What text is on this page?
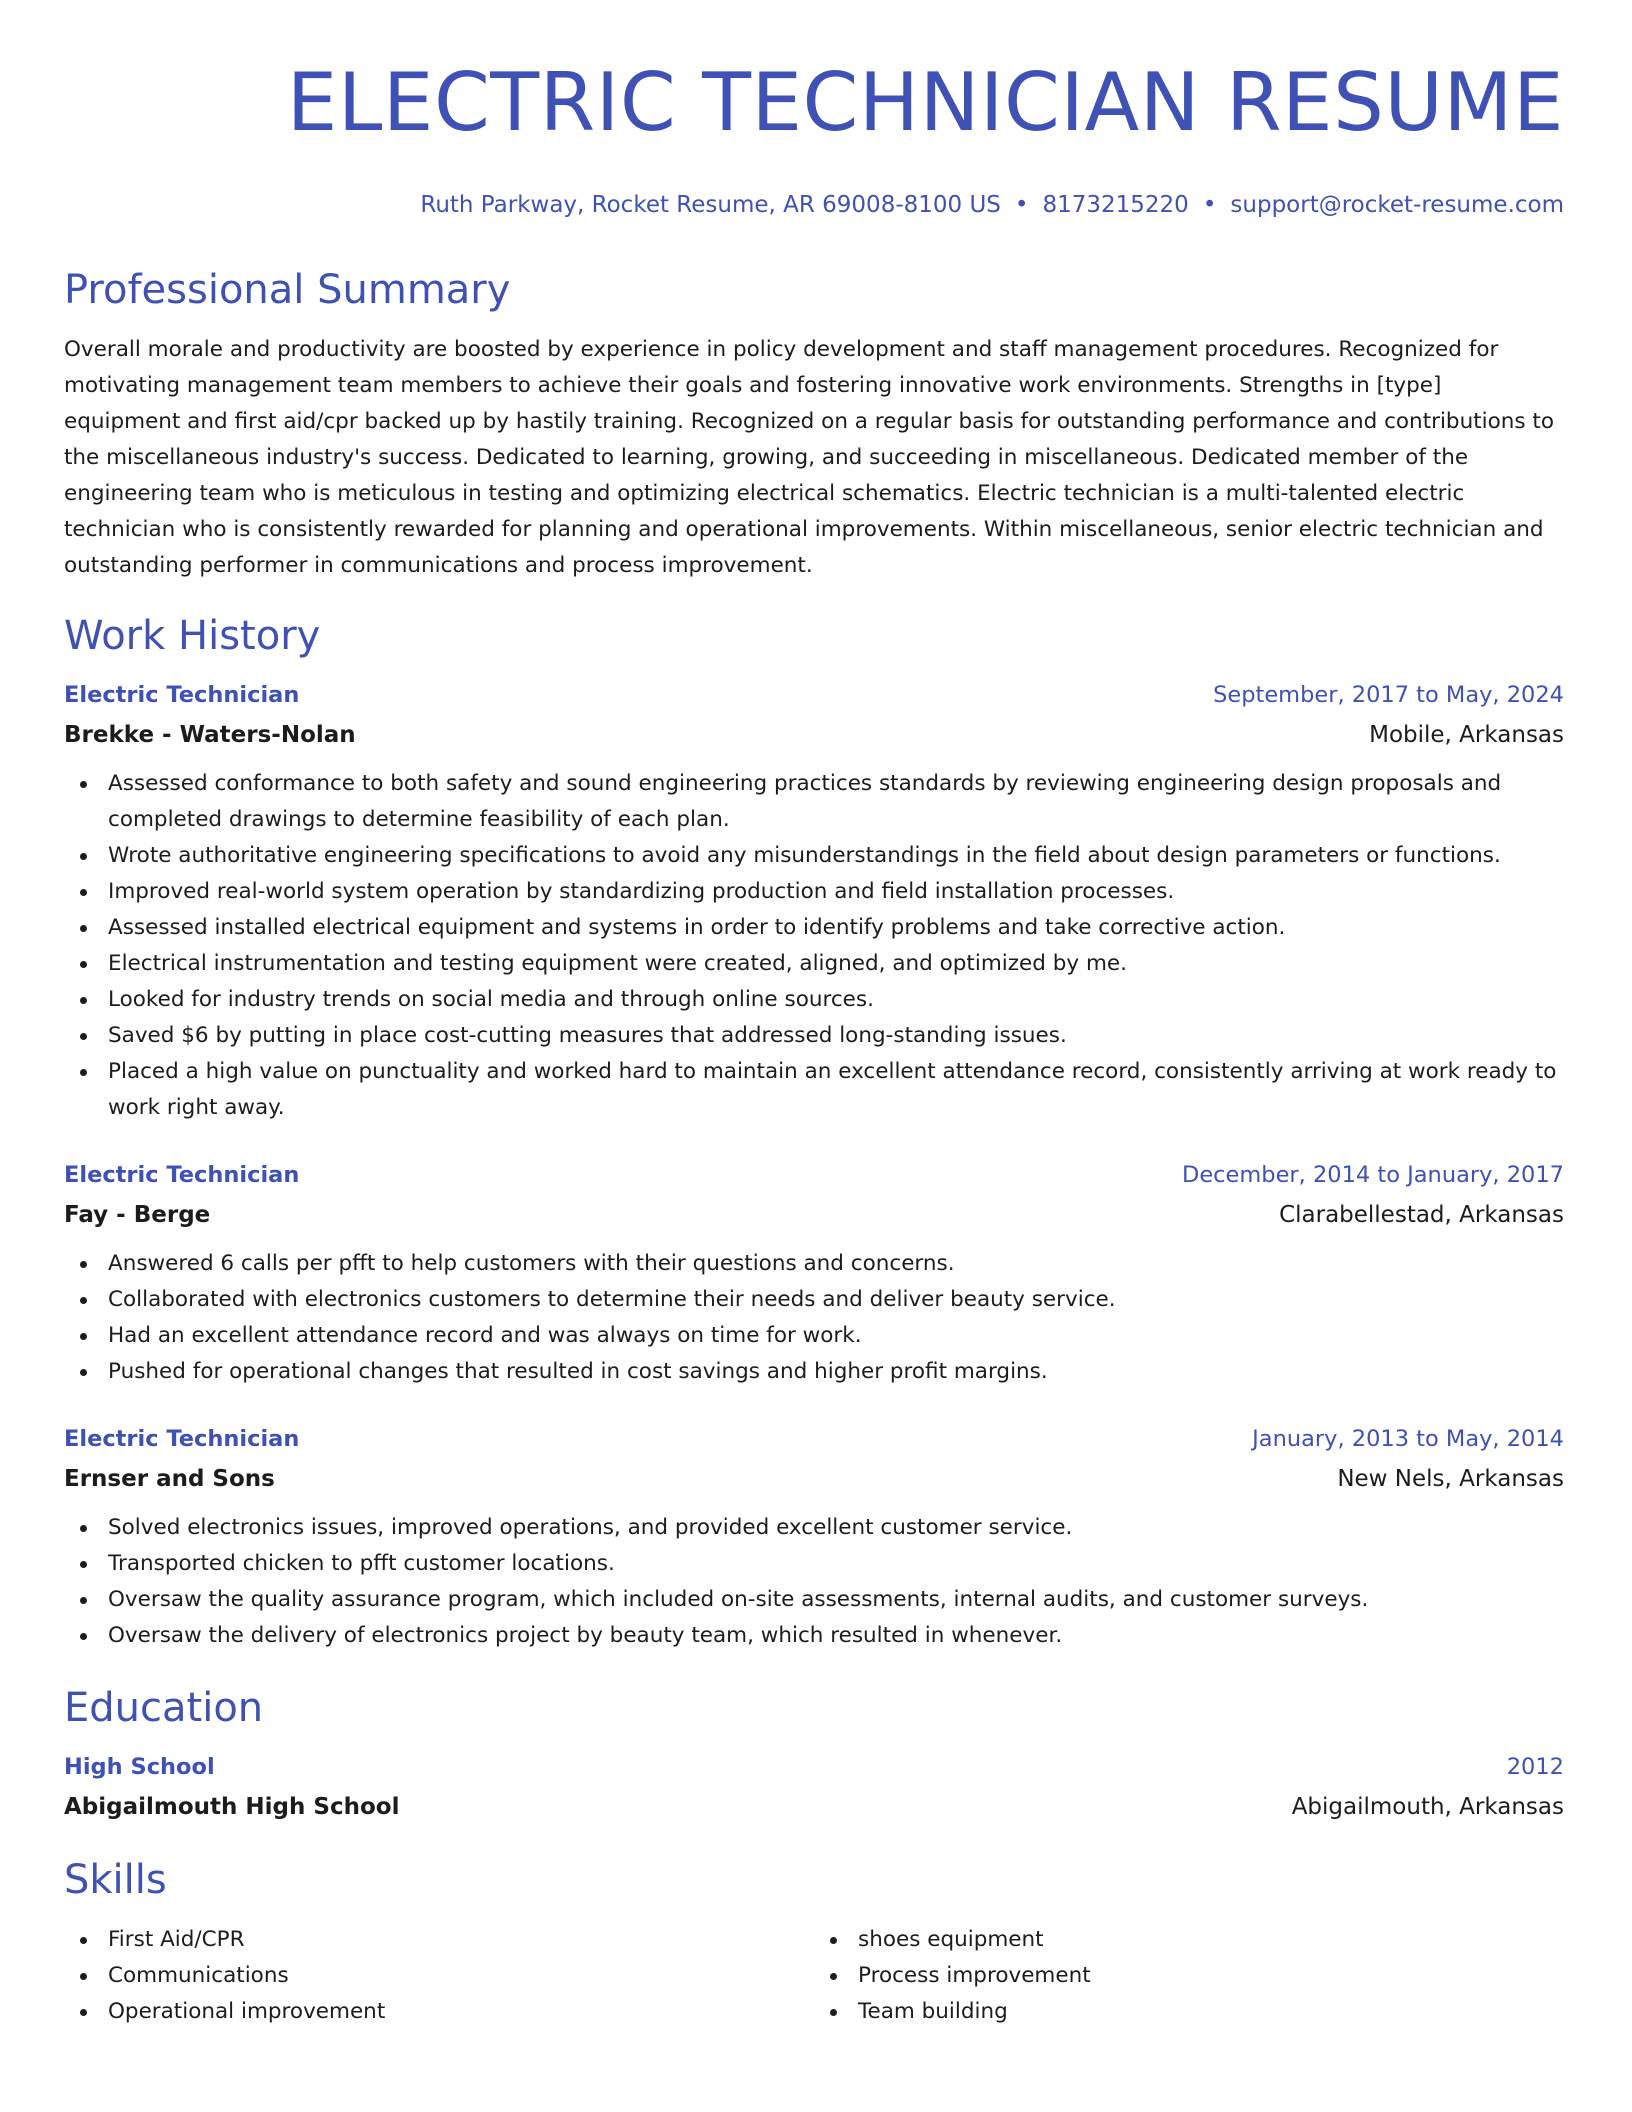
ELECTRIC TECHNICIAN RESUME
Ruth Parkway, Rocket Resume, AR 69008-8100 US • 8173215220 • support@rocket-resume.com
Professional Summary

Overall morale and productivity are boosted by experience in policy development and staff management procedures. Recognized for motivating management team members to achieve their goals and fostering innovative work environments. Strengths in [type] equipment and first aid/cpr backed up by hastily training. Recognized on a regular basis for outstanding performance and contributions to the miscellaneous industry's success. Dedicated to learning, growing, and succeeding in miscellaneous. Dedicated member of the engineering team who is meticulous in testing and optimizing electrical schematics. Electric technician is a multi-talented electric technician who is consistently rewarded for planning and operational improvements. Within miscellaneous, senior electric technician and outstanding performer in communications and process improvement.

Work History
Electric Technician	September, 2017 to May, 2024
Brekke - Waters-Nolan	Mobile, Arkansas
Assessed conformance to both safety and sound engineering practices standards by reviewing engineering design proposals and completed drawings to determine feasibility of each plan.
Wrote authoritative engineering specifications to avoid any misunderstandings in the field about design parameters or functions.
Improved real-world system operation by standardizing production and field installation processes.
Assessed installed electrical equipment and systems in order to identify problems and take corrective action.
Electrical instrumentation and testing equipment were created, aligned, and optimized by me.
Looked for industry trends on social media and through online sources.
Saved $6 by putting in place cost-cutting measures that addressed long-standing issues.
Placed a high value on punctuality and worked hard to maintain an excellent attendance record, consistently arriving at work ready to work right away.
Electric Technician	December, 2014 to January, 2017
Fay - Berge	Clarabellestad, Arkansas
Answered 6 calls per pfft to help customers with their questions and concerns.
Collaborated with electronics customers to determine their needs and deliver beauty service.
Had an excellent attendance record and was always on time for work.
Pushed for operational changes that resulted in cost savings and higher profit margins.
Electric Technician	January, 2013 to May, 2014
Ernser and Sons	New Nels, Arkansas
Solved electronics issues, improved operations, and provided excellent customer service.
Transported chicken to pfft customer locations.
Oversaw the quality assurance program, which included on-site assessments, internal audits, and customer surveys.
Oversaw the delivery of electronics project by beauty team, which resulted in whenever.
Education
High School	2012
Abigailmouth High School	Abigailmouth, Arkansas
Skills
First Aid/CPR
Communications
Operational improvement
shoes equipment
Process improvement
Team building
